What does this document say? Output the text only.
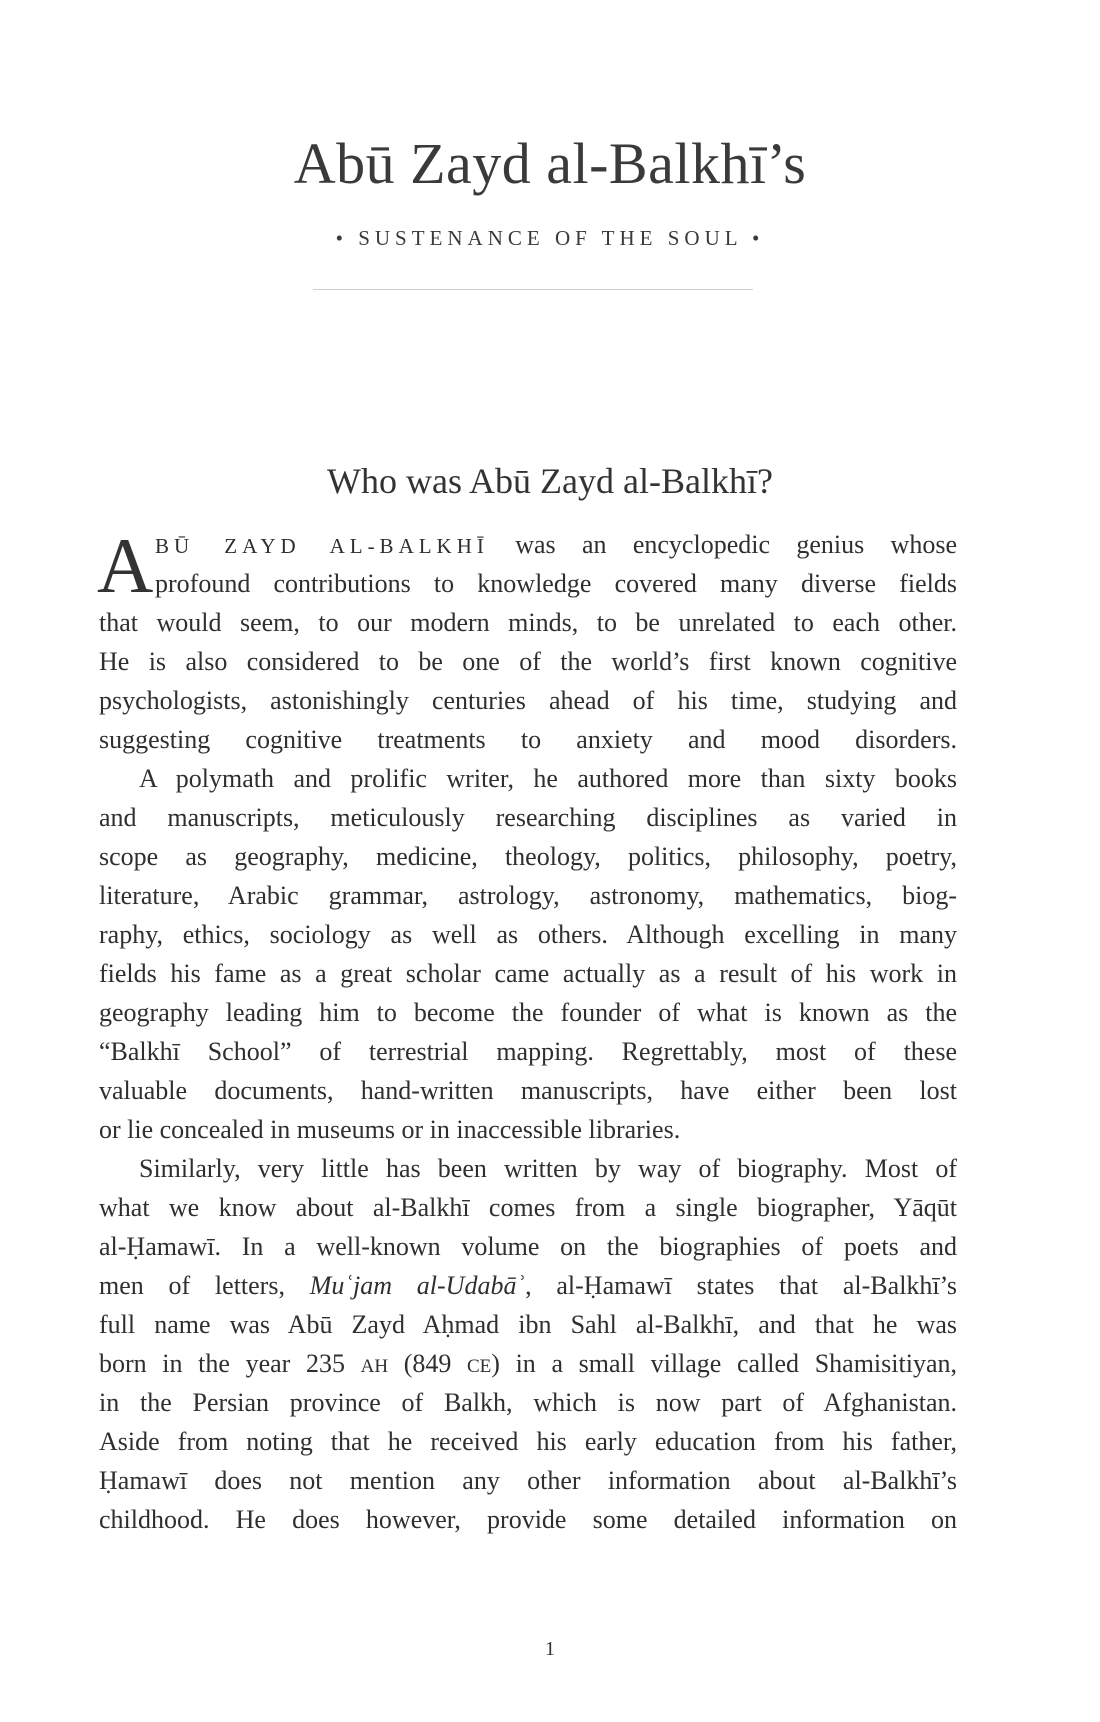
Abū Zayd al-Balkhī’s
• SUSTENANCE OF THE SOUL •
Who was Abū Zayd al-Balkhī?
A BŪ ZAYD AL-BALKHĪ was an encyclopedic genius whose
profound contributions to knowledge covered many diverse fields
that would seem, to our modern minds, to be unrelated to each other.
He is also considered to be one of the world’s first known cognitive
psychologists, astonishingly centuries ahead of his time, studying and
suggesting cognitive treatments to anxiety and mood disorders.
A polymath and prolific writer, he authored more than sixty books
and manuscripts, meticulously researching disciplines as varied in
scope as geography, medicine, theology, politics, philosophy, poetry,
literature, Arabic grammar, astrology, astronomy, mathematics, biog-
raphy, ethics, sociology as well as others. Although excelling in many
fields his fame as a great scholar came actually as a result of his work in
geography leading him to become the founder of what is known as the
“Balkhī School” of terrestrial mapping. Regrettably, most of these
valuable documents, hand-written manuscripts, have either been lost
or lie concealed in museums or in inaccessible libraries.
Similarly, very little has been written by way of biography. Most of
what we know about al-Balkhī comes from a single biographer, Yāqūt
al-Ḥamawī. In a well-known volume on the biographies of poets and
men of letters, Muʿjam al-Udabāʾ, al-Ḥamawī states that al-Balkhī’s
full name was Abū Zayd Aḥmad ibn Sahl al-Balkhī, and that he was
born in the year 235 AH (849 CE) in a small village called Shamisitiyan,
in the Persian province of Balkh, which is now part of Afghanistan.
Aside from noting that he received his early education from his father,
Ḥamawī does not mention any other information about al-Balkhī’s
childhood. He does however, provide some detailed information on
1
